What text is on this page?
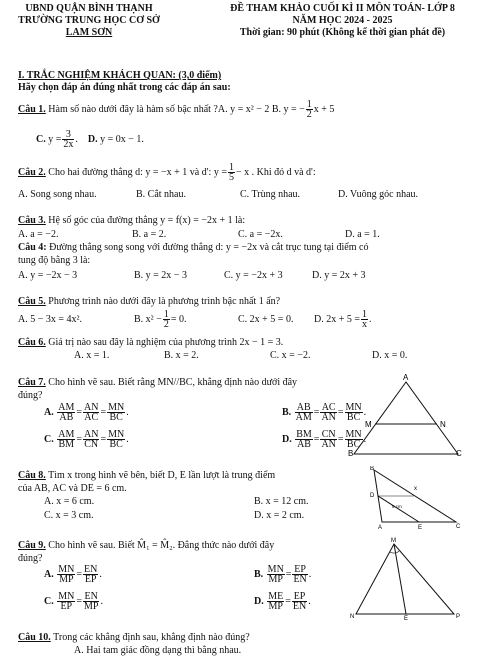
UBND QUẬN BÌNH THẠNH
TRƯỜNG TRUNG HỌC CƠ SỞ
LAM SƠN
ĐỀ THAM KHẢO CUỐI KÌ II MÔN TOÁN- LỚP 8
NĂM HỌC 2024 - 2025
Thời gian: 90 phút (Không kể thời gian phát đề)
I. TRẮC NGHIỆM KHÁCH QUAN: (3,0 điểm)
Hãy chọn đáp án đúng nhất trong các đáp án sau:
Câu 1. Hàm số nào dưới đây là hàm số bậc nhất ?A. y = x² − 2 B. y = − $\frac{1}{2}$ x + 5
C. $y = \frac{3}{2x}$ . D. y = 0x − 1.
Câu 2. Cho hai đường thẳng d: y = −x + 1 và d': $y = \frac{1}{5} - x$ . Khi đó d và d':
A. Song song nhau.	B. Cắt nhau.	C. Trùng nhau.	D. Vuông góc nhau.
Câu 3. Hệ số góc của đường thẳng y = f(x) = −2x + 1 là:
A. a = −2.	B. a = 2.	C. a = −2x.	D. a = 1.
Câu 4: Đường thẳng song song với đường thẳng d: y = −2x và cắt trục tung tại điểm có
tung độ bằng 3 là:
A. y = −2x − 3	B. y = 2x − 3	C. y = −2x + 3	D. y = 2x + 3
Câu 5. Phương trình nào dưới đây là phương trình bậc nhất 1 ẩn?
A. 5 − 3x = 4x².	B. $x^2 - \frac{1}{2} = 0$.	C. 2x + 5 = 0. D. $2x + 5 = \frac{1}{x}$ .
Câu 6. Giá trị nào sau đây là nghiệm của phương trình 2x − 1 = 3.
A. x = 1.	B. x = 2.	C. x = −2.	D. x = 0.
Câu 7. Cho hình vẽ sau. Biết rằng MN//BC, khẳng định nào dưới đây
đúng?
A. $\frac{AM}{AB} = \frac{AN}{AC} = \frac{MN}{BC}$ .	B. $\frac{AB}{AM} = \frac{AC}{AN} = \frac{MN}{BC}$ .
C. $\frac{AM}{BM} = \frac{AN}{CN} = \frac{MN}{BC}$ .	D. $\frac{BM}{AB} = \frac{CN}{AN} = \frac{MN}{BC}$ .
A
M	N
B	C
Câu 8. Tìm x trong hình vẽ bên, biết D, E lần lượt là trung điểm
của AB, AC và DE = 6 cm.
A. x = 6 cm.	B. x = 12 cm.
C. x = 3 cm.	D. x = 2 cm.
B
D
A	E	C
6 cm
x
Câu 9. Cho hình vẽ sau. Biết M̂₁ = M̂₂. Đẳng thức nào dưới đây
đúng?
A. $\frac{MN}{MP} = \frac{EN}{EP}$ .	B. $\frac{MN}{MP} = \frac{EP}{EN}$ .
C. $\frac{MN}{EP} = \frac{EN}{MP}$ .	D. $\frac{ME}{MP} = \frac{EP}{EN}$ .
M
N	E	P
Câu 10. Trong các khẳng định sau, khẳng định nào đúng?
A. Hai tam giác đồng dạng thì bằng nhau.
